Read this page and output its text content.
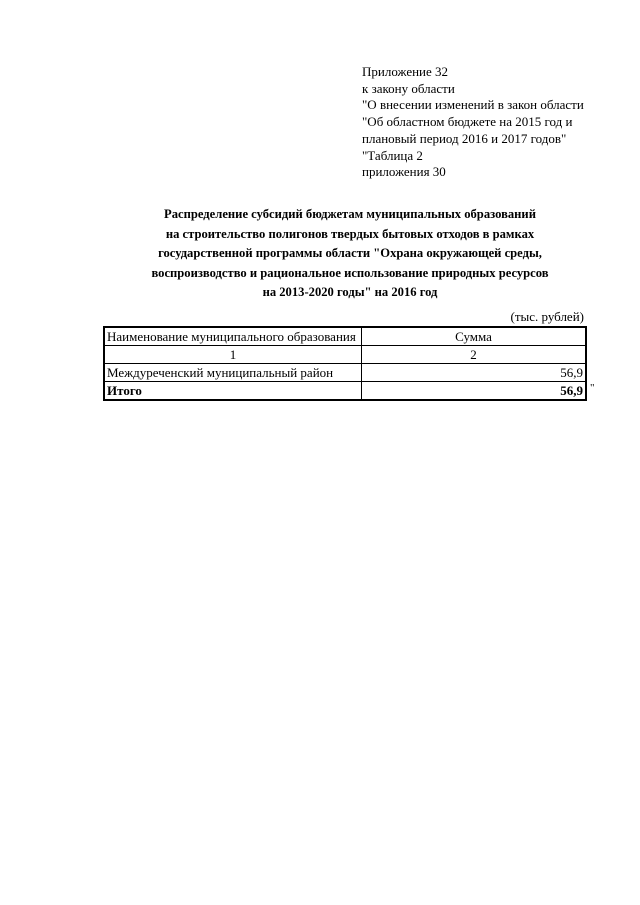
Приложение 32
к закону области
"О внесении изменений в закон области
"Об областном бюджете на 2015 год и
плановый период 2016 и 2017 годов"
"Таблица 2
приложения 30
Распределение субсидий бюджетам муниципальных образований
на строительство полигонов твердых бытовых отходов в рамках
государственной программы области "Охрана окружающей среды,
воспроизводство и рациональное использование природных ресурсов
на 2013-2020 годы" на 2016 год
(тыс. рублей)
Наименование муниципального образования	Сумма
1	2
Междуреченский муниципальный район	56,9
Итого	56,9 "
